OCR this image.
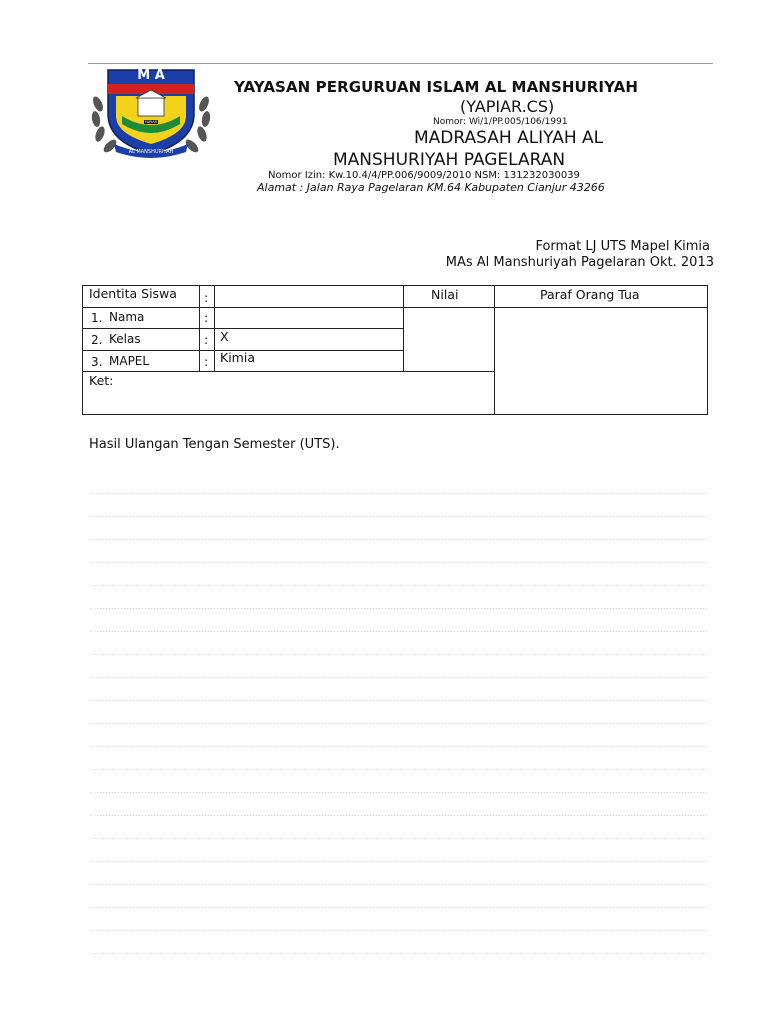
M A
YAPIAR
AL MANSHURIYAH
YAYASAN PERGURUAN ISLAM AL MANSHURIYAH
(YAPIAR.CS)
Nomor: Wi/1/PP.005/106/1991
MADRASAH ALIYAH AL
MANSHURIYAH PAGELARAN
Nomor Izin: Kw.10.4/4/PP.006/9009/2010 NSM: 131232030039
Alamat : Jalan Raya Pagelaran KM.64 Kabupaten Cianjur 43266
Format LJ UTS Mapel Kimia
MAs Al Manshuriyah Pagelaran Okt. 2013
Identita Siswa :	Nilai	Paraf Orang Tua
1. Nama	:
2. Kelas	: X
3. MAPEL	: Kimia
Ket:
Hasil Ulangan Tengan Semester (UTS).
